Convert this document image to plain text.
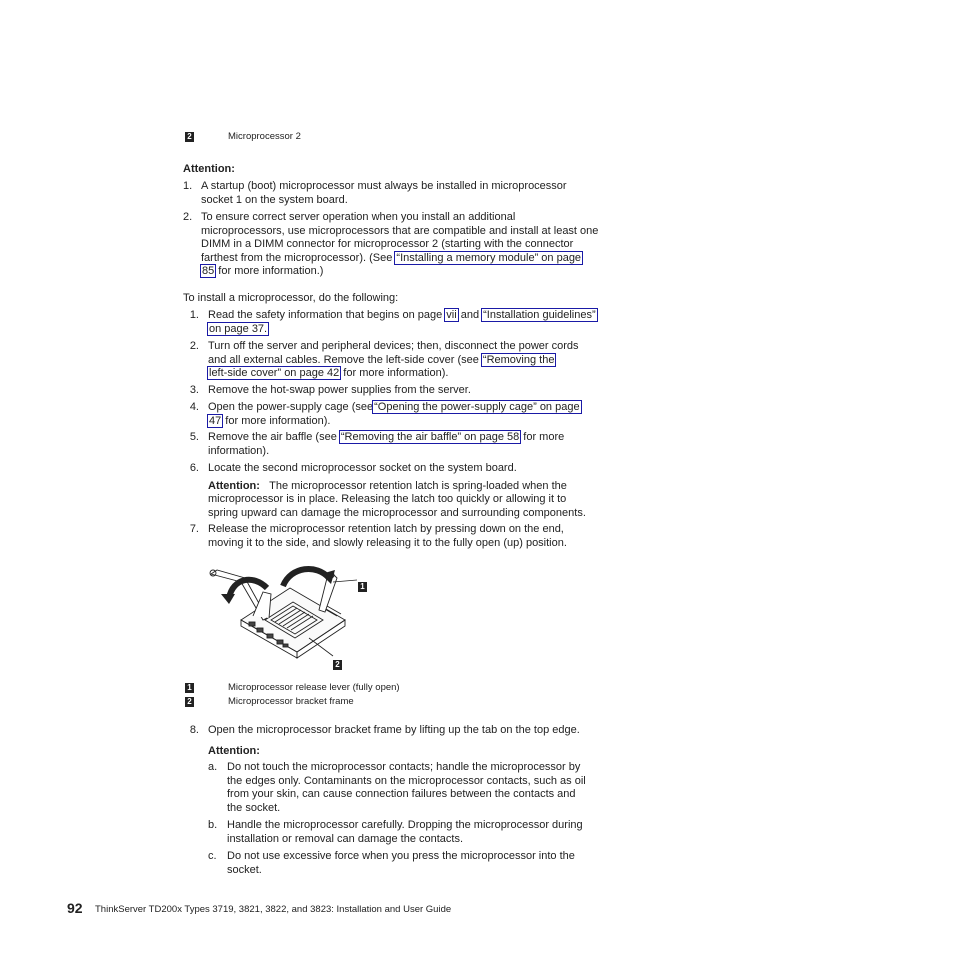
2	Microprocessor 2
Attention:
1. A startup (boot) microprocessor must always be installed in microprocessor
socket 1 on the system board.
2. To ensure correct server operation when you install an additional
microprocessors, use microprocessors that are compatible and install at least one
DIMM in a DIMM connector for microprocessor 2 (starting with the connector
farthest from the microprocessor). (See “Installing a memory module” on page
85 for more information.)
To install a microprocessor, do the following:
1. Read the safety information that begins on page vii and “Installation guidelines”
on page 37.
2. Turn off the server and peripheral devices; then, disconnect the power cords
and all external cables. Remove the left-side cover (see “Removing the
left-side cover” on page 42 for more information).
3. Remove the hot-swap power supplies from the server.
4. Open the power-supply cage (see“Opening the power-supply cage” on page
47 for more information).
5. Remove the air baffle (see “Removing the air baffle” on page 58 for more
information).
6. Locate the second microprocessor socket on the system board.
Attention: The microprocessor retention latch is spring-loaded when the
microprocessor is in place. Releasing the latch too quickly or allowing it to
spring upward can damage the microprocessor and surrounding components.
7. Release the microprocessor retention latch by pressing down on the end,
moving it to the side, and slowly releasing it to the fully open (up) position.
1
2
1	Microprocessor release lever (fully open)
2	Microprocessor bracket frame
8. Open the microprocessor bracket frame by lifting up the tab on the top edge.
Attention:
a. Do not touch the microprocessor contacts; handle the microprocessor by
the edges only. Contaminants on the microprocessor contacts, such as oil
from your skin, can cause connection failures between the contacts and
the socket.
b. Handle the microprocessor carefully. Dropping the microprocessor during
installation or removal can damage the contacts.
c. Do not use excessive force when you press the microprocessor into the
socket.
92 ThinkServer TD200x Types 3719, 3821, 3822, and 3823: Installation and User Guide
